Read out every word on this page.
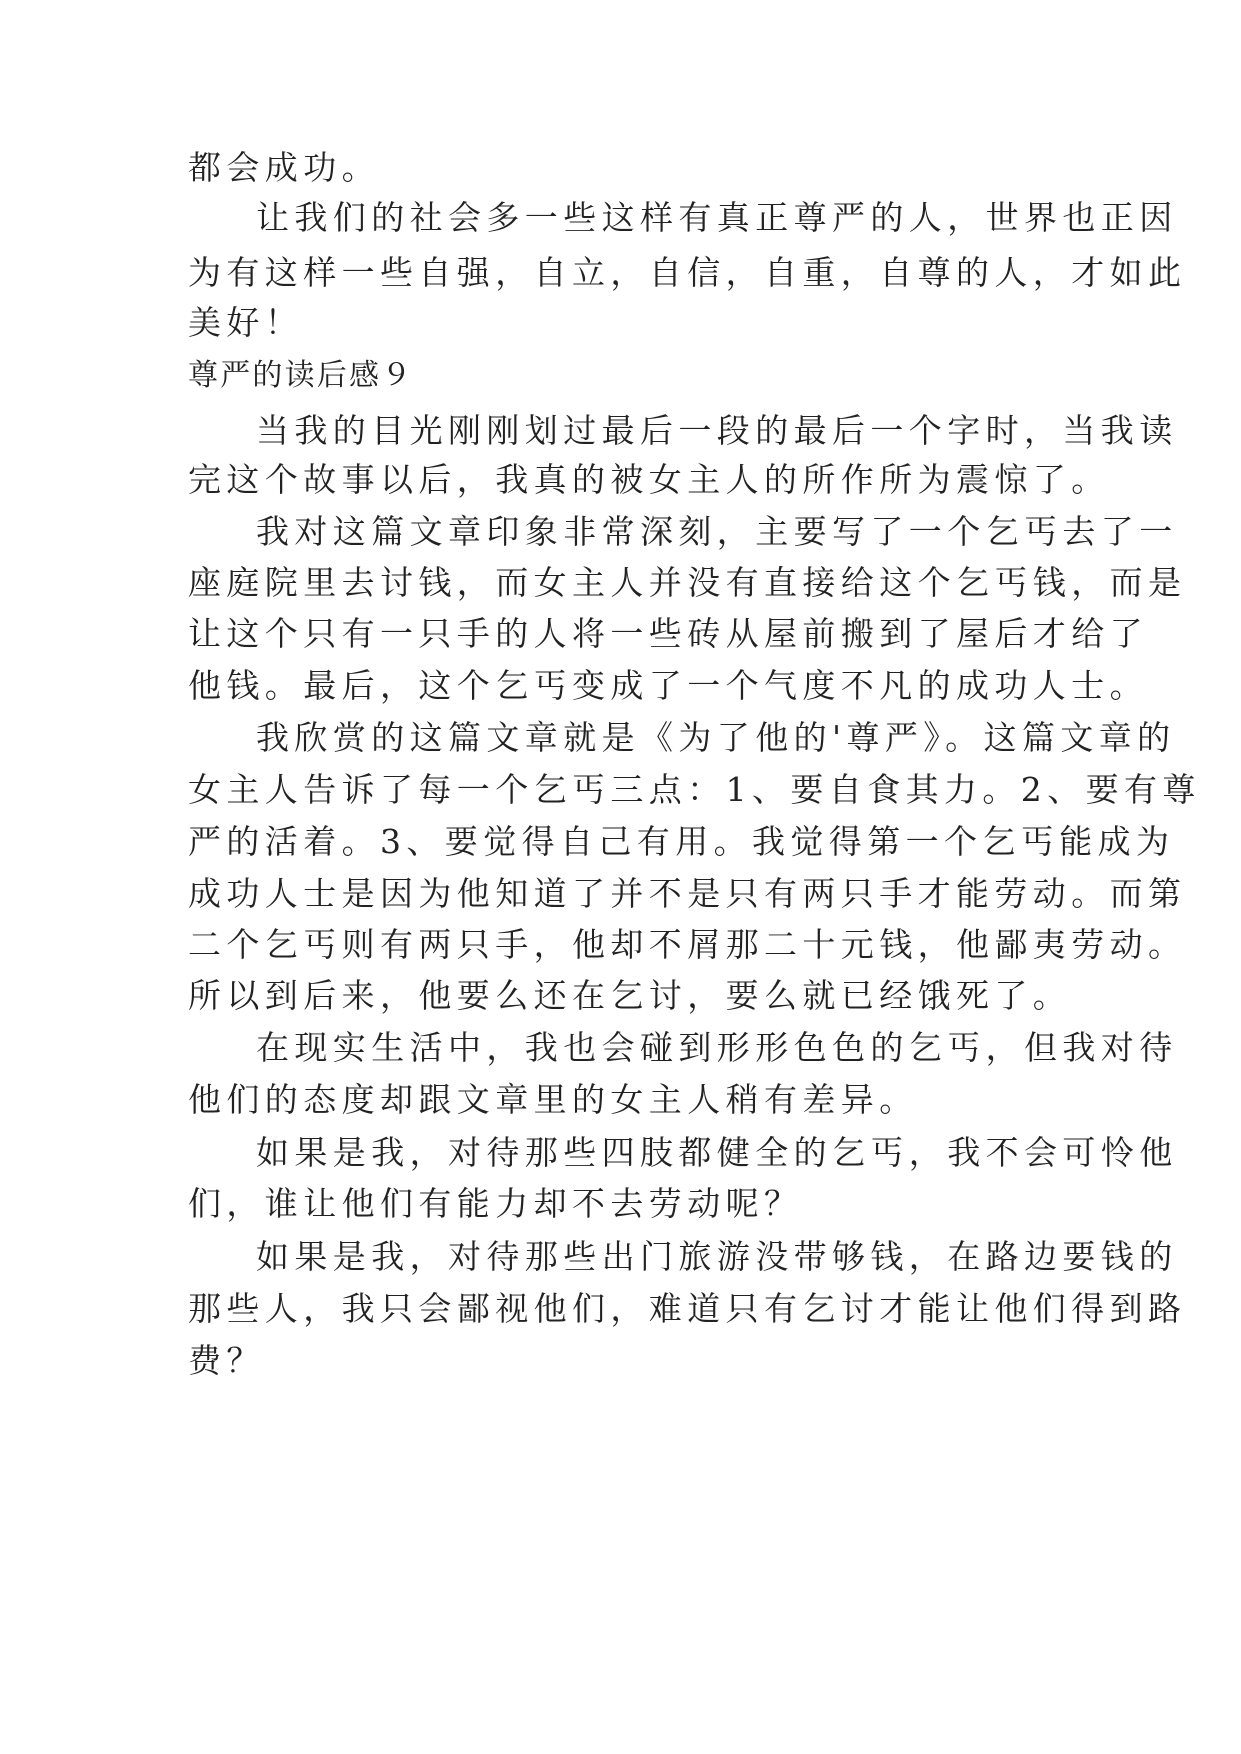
都会成功。
让我们的社会多一些这样有真正尊严的人，世界也正因
为有这样一些自强，自立，自信，自重，自尊的人，才如此
美好！
尊严的读后感９
当我的目光刚刚划过最后一段的最后一个字时，当我读
完这个故事以后，我真的被女主人的所作所为震惊了。
我对这篇文章印象非常深刻，主要写了一个乞丐去了一
座庭院里去讨钱，而女主人并没有直接给这个乞丐钱，而是
让这个只有一只手的人将一些砖从屋前搬到了屋后才给了
他钱。最后，这个乞丐变成了一个气度不凡的成功人士。
我欣赏的这篇文章就是《为了他的'尊严》。这篇文章的
女主人告诉了每一个乞丐三点：1、要自食其力。2、要有尊
严的活着。3、要觉得自己有用。我觉得第一个乞丐能成为
成功人士是因为他知道了并不是只有两只手才能劳动。而第
二个乞丐则有两只手，他却不屑那二十元钱，他鄙夷劳动。
所以到后来，他要么还在乞讨，要么就已经饿死了。
在现实生活中，我也会碰到形形色色的乞丐，但我对待
他们的态度却跟文章里的女主人稍有差异。
如果是我，对待那些四肢都健全的乞丐，我不会可怜他
们，谁让他们有能力却不去劳动呢？
如果是我，对待那些出门旅游没带够钱，在路边要钱的
那些人，我只会鄙视他们，难道只有乞讨才能让他们得到路
费？
